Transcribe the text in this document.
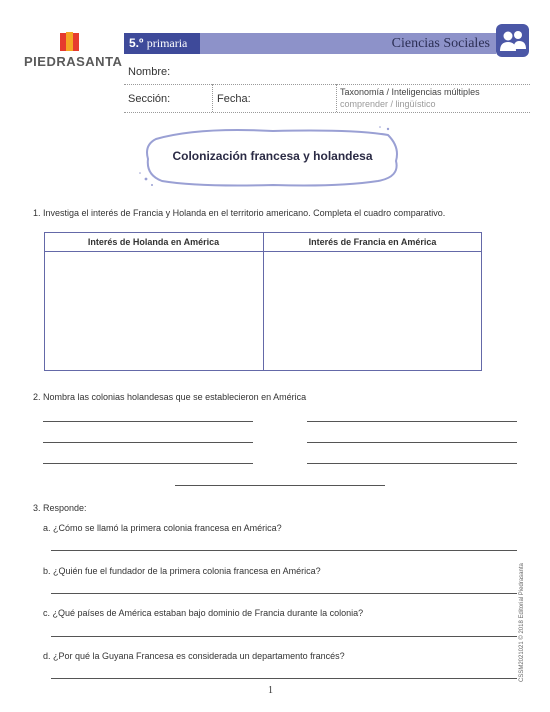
PIEDRASANTA
5.º primaria	Ciencias Sociales
Nombre:
Sección:	Fecha:
Taxonomía / Inteligencias múltiples
comprender / lingüístico
Colonización francesa y holandesa
1. Investiga el interés de Francia y Holanda en el territorio americano. Completa el cuadro comparativo.
Interés de Holanda en América	Interés de Francia en América
2. Nombra las colonias holandesas que se establecieron en América
3. Responde:
a. ¿Cómo se llamó la primera colonia francesa en América?
b. ¿Quién fue el fundador de la primera colonia francesa en América?
c. ¿Qué países de América estaban bajo dominio de Francia durante la colonia?
d. ¿Por qué la Guyana Francesa es considerada un departamento francés?	CSSM2021021 © 2018 Editorial Piedrasanta
1
